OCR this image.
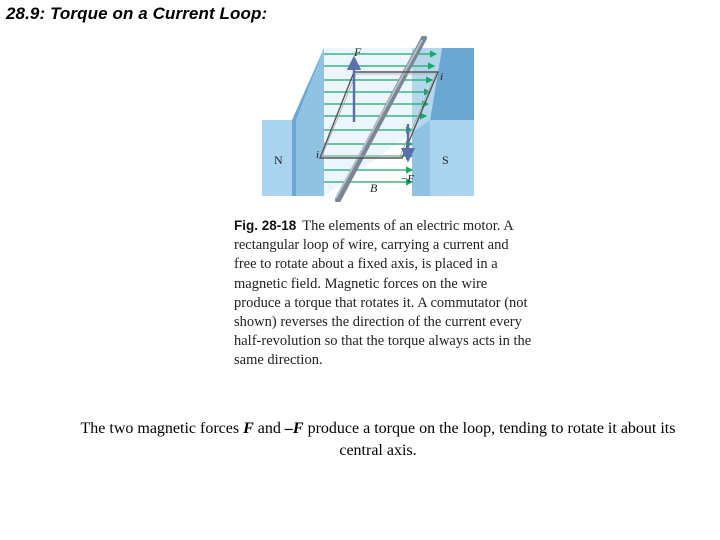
28.9: Torque on a Current Loop:
N	S
F
−F
B
i
i

Fig. 28-18 The elements of an electric motor. A rectangular loop of wire, carrying a current and free to rotate about a fixed axis, is placed in a magnetic field. Magnetic forces on the wire produce a torque that rotates it. A commutator (not shown) reverses the direction of the current every half-revolution so that the torque always acts in the same direction.

The two magnetic forces F and –F produce a torque on the loop, tending to rotate it about its central axis.
